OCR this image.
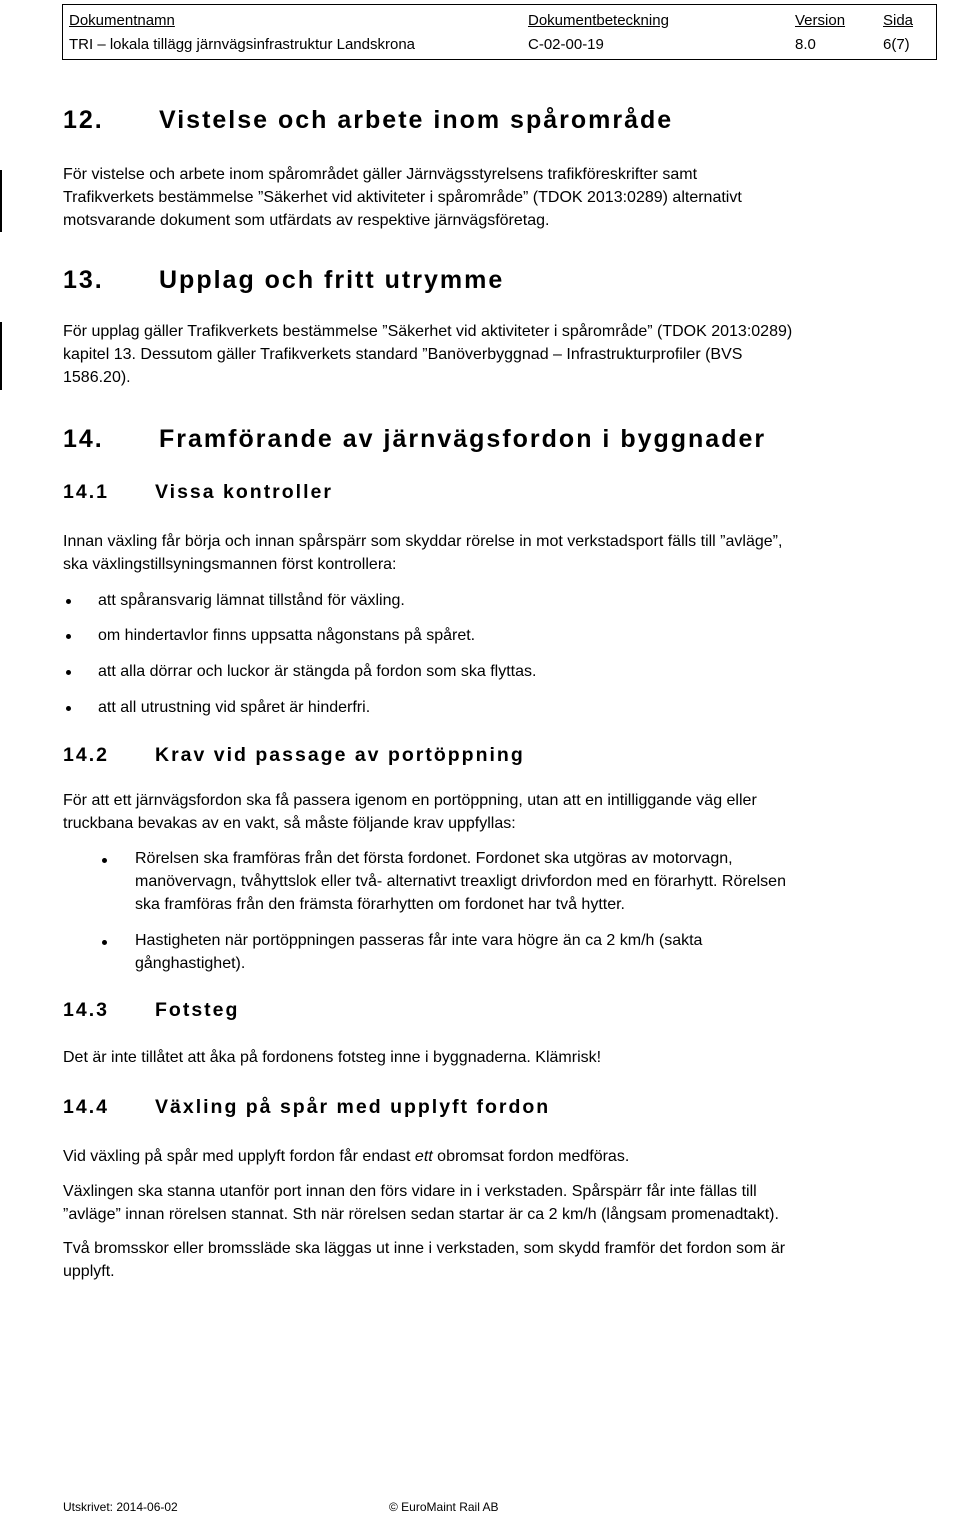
Dokumentnamn
TRI – lokala tillägg järnvägsinfrastruktur Landskrona
Dokumentbeteckning
C-02-00-19
Version
8.0
Sida
6(7)
12. Vistelse och arbete inom spårområde
För vistelse och arbete inom spårområdet gäller Järnvägsstyrelsens trafikföreskrifter samt
Trafikverkets bestämmelse ”Säkerhet vid aktiviteter i spårområde” (TDOK 2013:0289) alternativt
motsvarande dokument som utfärdats av respektive järnvägsföretag.
13. Upplag och fritt utrymme
För upplag gäller Trafikverkets bestämmelse ”Säkerhet vid aktiviteter i spårområde” (TDOK 2013:0289)
kapitel 13. Dessutom gäller Trafikverkets standard ”Banöverbyggnad – Infrastrukturprofiler (BVS
1586.20).
14. Framförande av järnvägsfordon i byggnader
14.1 Vissa kontroller
Innan växling får börja och innan spårspärr som skyddar rörelse in mot verkstadsport fälls till ”avläge”,
ska växlingstillsyningsmannen först kontrollera:
att spåransvarig lämnat tillstånd för växling.
om hindertavlor finns uppsatta någonstans på spåret.
att alla dörrar och luckor är stängda på fordon som ska flyttas.
att all utrustning vid spåret är hinderfri.
14.2 Krav vid passage av portöppning
För att ett järnvägsfordon ska få passera igenom en portöppning, utan att en intilliggande väg eller
truckbana bevakas av en vakt, så måste följande krav uppfyllas:
Rörelsen ska framföras från det första fordonet. Fordonet ska utgöras av motorvagn,
manövervagn, tvåhyttslok eller två- alternativt treaxligt drivfordon med en förarhytt. Rörelsen
ska framföras från den främsta förarhytten om fordonet har två hytter.
Hastigheten när portöppningen passeras får inte vara högre än ca 2 km/h (sakta
gånghastighet).
14.3 Fotsteg
Det är inte tillåtet att åka på fordonens fotsteg inne i byggnaderna. Klämrisk!
14.4 Växling på spår med upplyft fordon
Vid växling på spår med upplyft fordon får endast ett obromsat fordon medföras.
Växlingen ska stanna utanför port innan den förs vidare in i verkstaden. Spårspärr får inte fällas till
”avläge” innan rörelsen stannat. Sth när rörelsen sedan startar är ca 2 km/h (långsam promenadtakt).
Två bromsskor eller bromssläde ska läggas ut inne i verkstaden, som skydd framför det fordon som är
upplyft.
Utskrivet: 2014-06-02	© EuroMaint Rail AB
